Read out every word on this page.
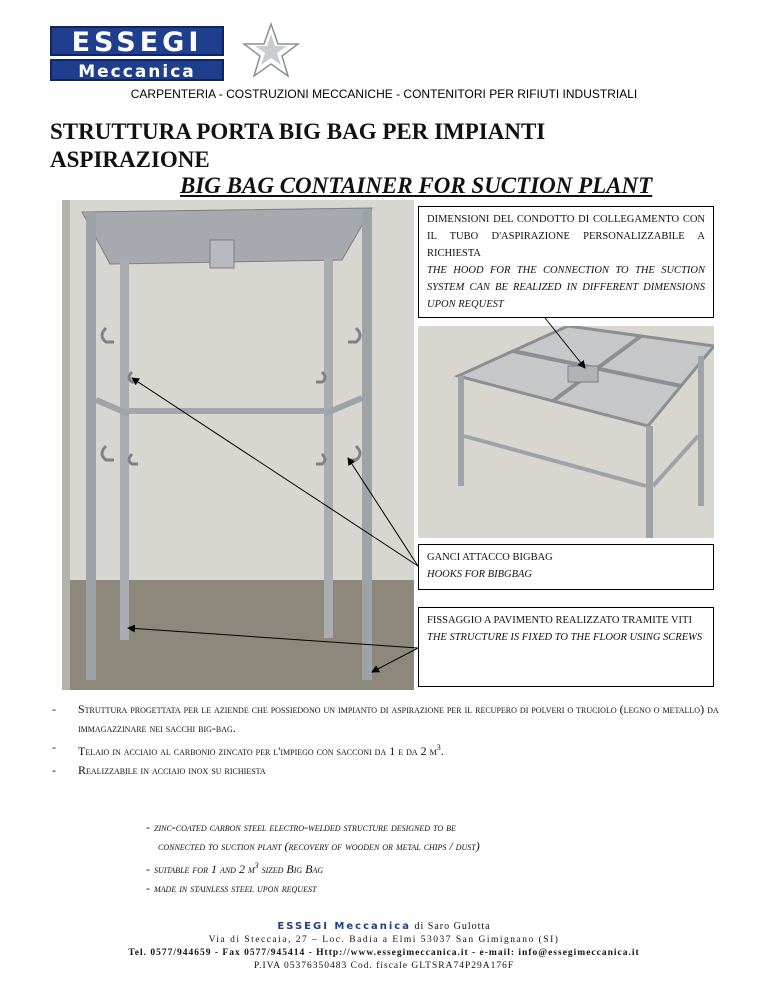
ESSEGI
Meccanica
CARPENTERIA - COSTRUZIONI MECCANICHE - CONTENITORI PER RIFIUTI INDUSTRIALI
STRUTTURA PORTA BIG BAG PER IMPIANTI
ASPIRAZIONE
BIG BAG CONTAINER FOR SUCTION PLANT
DIMENSIONI DEL CONDOTTO DI COLLEGAMENTO CON IL TUBO D'ASPIRAZIONE PERSONALIZZABILE A RICHIESTA
THE HOOD FOR THE CONNECTION TO THE SUCTION SYSTEM CAN BE REALIZED IN DIFFERENT DIMENSIONS UPON REQUEST
GANCI ATTACCO BIGBAG
HOOKS FOR BIBGBAG
FISSAGGIO A PAVIMENTO REALIZZATO TRAMITE VITI
THE STRUCTURE IS FIXED TO THE FLOOR USING SCREWS
- Struttura progettata per le aziende che possiedono un impianto di aspirazione per il recupero di polveri o truciolo (legno o metallo) da immagazzinare nei sacchi big-bag.
- Telaio in acciaio al carbonio zincato per l'impiego con sacconi da 1 e da 2 $m^3$.
- Realizzabile in acciaio inox su richiesta
- zinc-coated carbon steel electro-welded structure designed to be
connected to suction plant (recovery of wooden or metal chips / dust)
- suitable for 1 and 2 $m^3$ sized Big Bag
- made in stainless steel upon request
ESSEGI Meccanica di Saro Gulotta
Via di Steccaia, 27 – Loc. Badia a Elmi 53037 San Gimignano (SI)
Tel. 0577/944659 - Fax 0577/945414 - Http://www.essegimeccanica.it - e-mail: info@essegimeccanica.it
P.IVA 05376350483 Cod. fiscale GLTSRA74P29A176F
